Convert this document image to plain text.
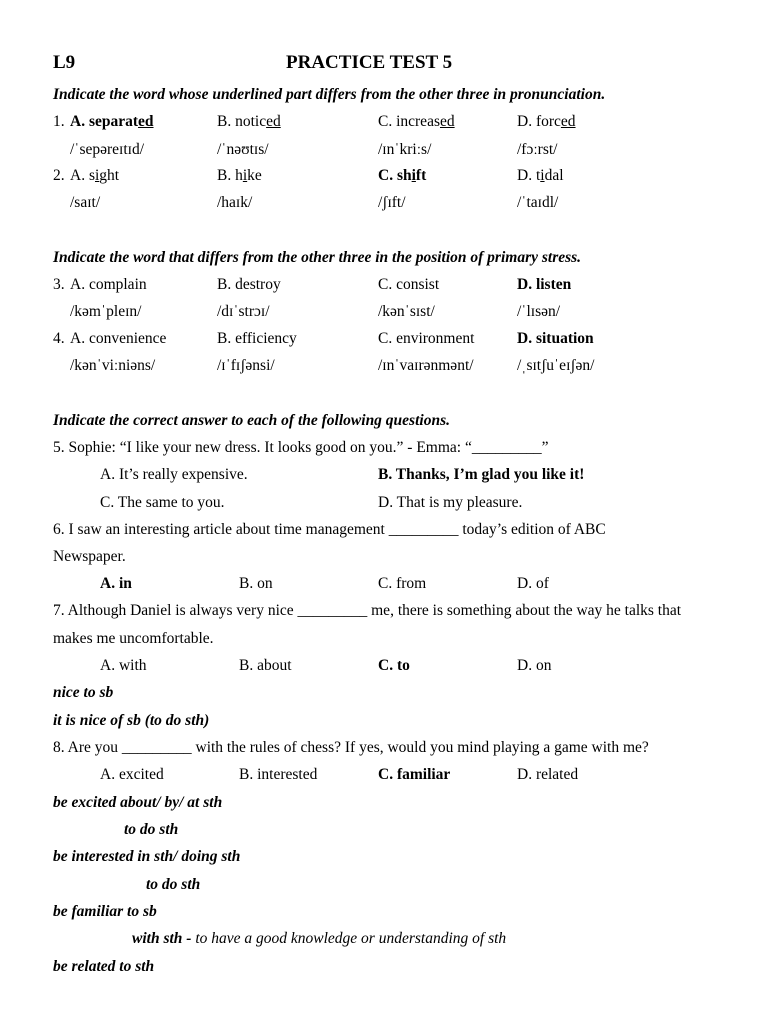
L9	PRACTICE TEST 5
Indicate the word whose underlined part differs from the other three in pronunciation.
1. A. separated	B. noticed	C. increased	D. forced
/ˈsepəreɪtɪd/	/ˈnəʊtɪs/	/ɪnˈkriːs/	/fɔːrst/
2. A. sight	B. hike	C. shift	D. tidal
/saɪt/	/haɪk/	/ʃɪft/	/ˈtaɪdl/
Indicate the word that differs from the other three in the position of primary stress.
3. A. complain	B. destroy	C. consist	D. listen
/kəmˈpleɪn/	/dɪˈstrɔɪ/	/kənˈsɪst/	/ˈlɪsən/
4. A. convenience	B. efficiency	C. environment	D. situation
/kənˈviːniəns/	/ɪˈfɪʃənsi/	/ɪnˈvaɪrənmənt/	/ˌsɪtʃuˈeɪʃən/
Indicate the correct answer to each of the following questions.
5. Sophie: “I like your new dress. It looks good on you.” - Emma: “_________”
A. It’s really expensive.	B. Thanks, I’m glad you like it!
C. The same to you.	D. That is my pleasure.
6. I saw an interesting article about time management _________ today’s edition of ABC
Newspaper.
A. in	B. on	C. from	D. of
7. Although Daniel is always very nice _________ me, there is something about the way he talks that
makes me uncomfortable.
A. with	B. about	C. to	D. on
nice to sb
it is nice of sb (to do sth)
8. Are you _________ with the rules of chess? If yes, would you mind playing a game with me?
A. excited	B. interested	C. familiar	D. related
be excited about/ by/ at sth
to do sth
be interested in sth/ doing sth
to do sth
be familiar to sb
with sth - to have a good knowledge or understanding of sth
be related to sth
